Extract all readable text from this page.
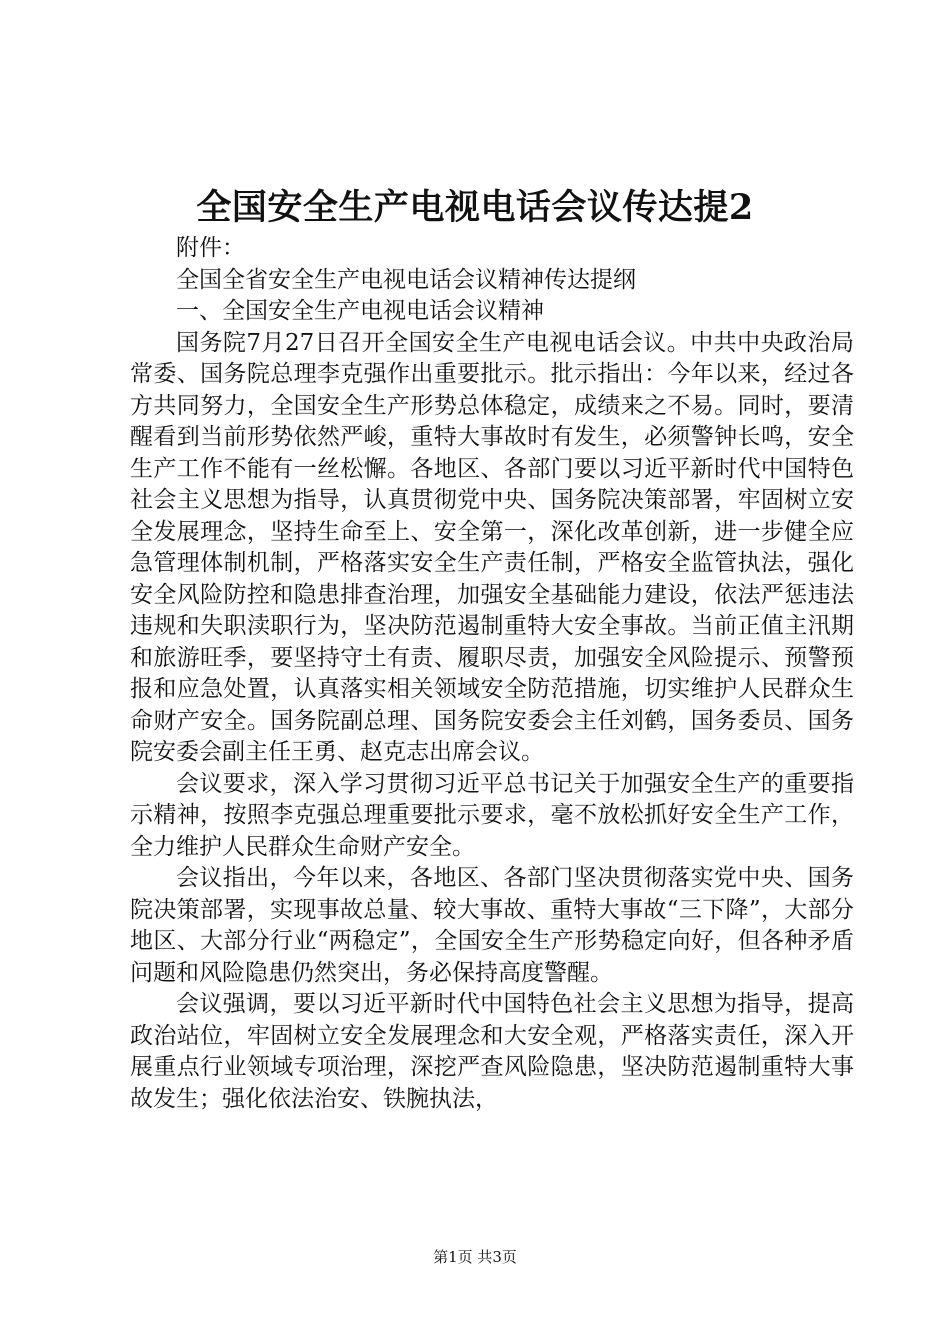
全国安全生产电视电话会议传达提2

附件：

全国全省安全生产电视电话会议精神传达提纲

一、全国安全生产电视电话会议精神

国务院7月27日召开全国安全生产电视电话会议。中共中央政治局常委、国务院总理李克强作出重要批示。批示指出：今年以来，经过各方共同努力，全国安全生产形势总体稳定，成绩来之不易。同时，要清醒看到当前形势依然严峻，重特大事故时有发生，必须警钟长鸣，安全生产工作不能有一丝松懈。各地区、各部门要以习近平新时代中国特色社会主义思想为指导，认真贯彻党中央、国务院决策部署，牢固树立安全发展理念，坚持生命至上、安全第一，深化改革创新，进一步健全应急管理体制机制，严格落实安全生产责任制，严格安全监管执法，强化安全风险防控和隐患排查治理，加强安全基础能力建设，依法严惩违法违规和失职渎职行为，坚决防范遏制重特大安全事故。当前正值主汛期和旅游旺季，要坚持守土有责、履职尽责，加强安全风险提示、预警预报和应急处置，认真落实相关领域安全防范措施，切实维护人民群众生命财产安全。国务院副总理、国务院安委会主任刘鹤，国务委员、国务院安委会副主任王勇、赵克志出席会议。

会议要求，深入学习贯彻习近平总书记关于加强安全生产的重要指示精神，按照李克强总理重要批示要求，毫不放松抓好安全生产工作，全力维护人民群众生命财产安全。

会议指出，今年以来，各地区、各部门坚决贯彻落实党中央、国务院决策部署，实现事故总量、较大事故、重特大事故“三下降”，大部分地区、大部分行业“两稳定”，全国安全生产形势稳定向好，但各种矛盾问题和风险隐患仍然突出，务必保持高度警醒。

会议强调，要以习近平新时代中国特色社会主义思想为指导，提高政治站位，牢固树立安全发展理念和大安全观，严格落实责任，深入开展重点行业领域专项治理，深挖严查风险隐患，坚决防范遏制重特大事故发生；强化依法治安、铁腕执法，

第1页 共3页
